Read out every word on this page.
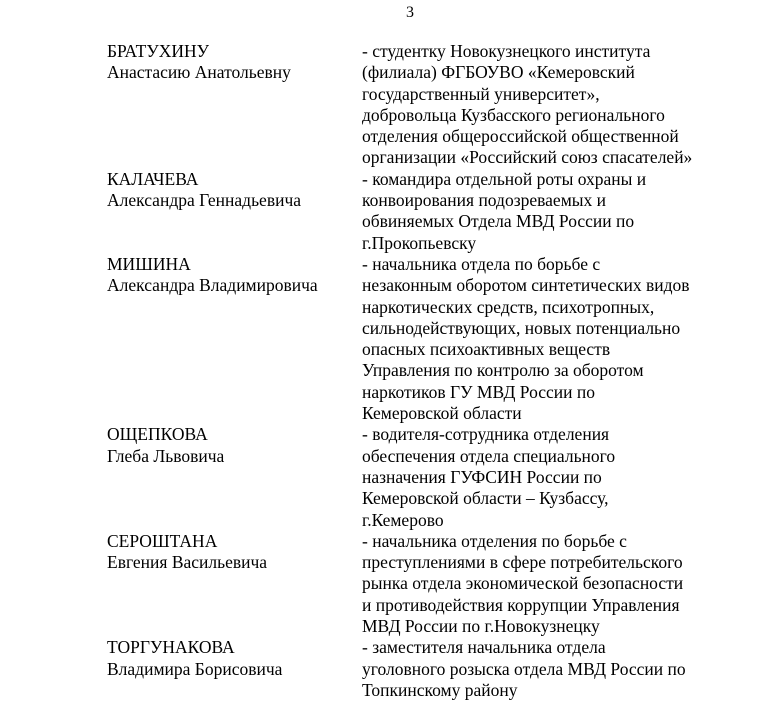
3
БРАТУХИНУ
Анастасию Анатольевну
- студентку Новокузнецкого института
(филиала) ФГБОУВО «Кемеровский
государственный университет»,
добровольца Кузбасского регионального
отделения общероссийской общественной
организации «Российский союз спасателей»
КАЛАЧЕВА
Александра Геннадьевича
- командира отдельной роты охраны и
конвоирования подозреваемых и
обвиняемых Отдела МВД России по
г.Прокопьевску
МИШИНА
Александра Владимировича
- начальника отдела по борьбе с
незаконным оборотом синтетических видов
наркотических средств, психотропных,
сильнодействующих, новых потенциально
опасных психоактивных веществ
Управления по контролю за оборотом
наркотиков ГУ МВД России по
Кемеровской области
ОЩЕПКОВА
Глеба Львовича
- водителя-сотрудника отделения
обеспечения отдела специального
назначения ГУФСИН России по
Кемеровской области – Кузбассу,
г.Кемерово
СЕРОШТАНА
Евгения Васильевича
- начальника отделения по борьбе с
преступлениями в сфере потребительского
рынка отдела экономической безопасности
и противодействия коррупции Управления
МВД России по г.Новокузнецку
ТОРГУНАКОВА
Владимира Борисовича
- заместителя начальника отдела
уголовного розыска отдела МВД России по
Топкинскому району
